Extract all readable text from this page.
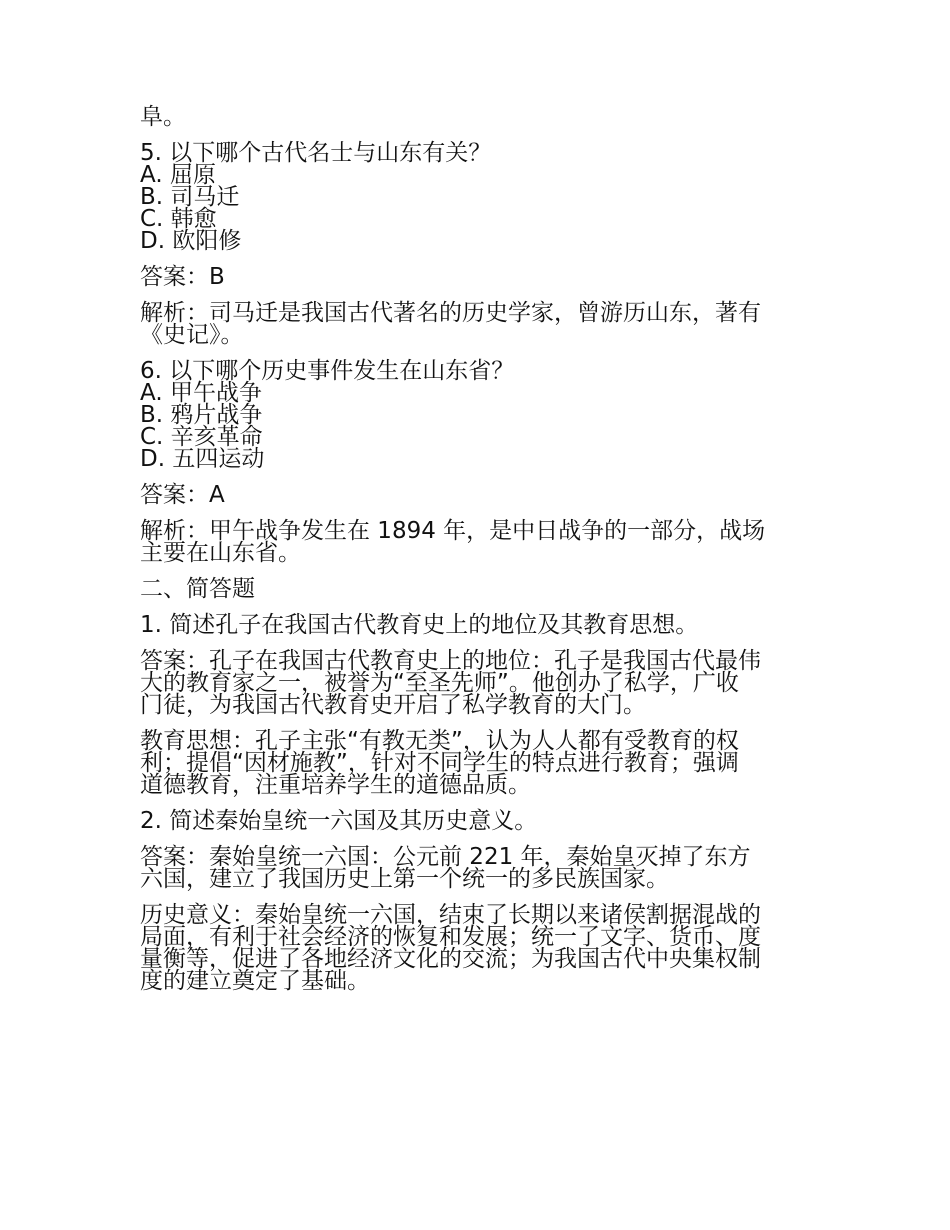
阜。

5. 以下哪个古代名士与山东有关？
A. 屈原
B. 司马迁
C. 韩愈
D. 欧阳修

答案：B

解析：司马迁是我国古代著名的历史学家，曾游历山东，著有
《史记》。

6. 以下哪个历史事件发生在山东省？
A. 甲午战争
B. 鸦片战争
C. 辛亥革命
D. 五四运动

答案：A

解析：甲午战争发生在 1894 年，是中日战争的一部分，战场
主要在山东省。

二、简答题

1. 简述孔子在我国古代教育史上的地位及其教育思想。

答案：孔子在我国古代教育史上的地位：孔子是我国古代最伟
大的教育家之一，被誉为“至圣先师”。他创办了私学，广收
门徒，为我国古代教育史开启了私学教育的大门。

教育思想：孔子主张“有教无类”，认为人人都有受教育的权
利；提倡“因材施教”，针对不同学生的特点进行教育；强调
道德教育，注重培养学生的道德品质。

2. 简述秦始皇统一六国及其历史意义。

答案：秦始皇统一六国：公元前 221 年，秦始皇灭掉了东方
六国，建立了我国历史上第一个统一的多民族国家。

历史意义：秦始皇统一六国，结束了长期以来诸侯割据混战的
局面，有利于社会经济的恢复和发展；统一了文字、货币、度
量衡等，促进了各地经济文化的交流；为我国古代中央集权制
度的建立奠定了基础。
